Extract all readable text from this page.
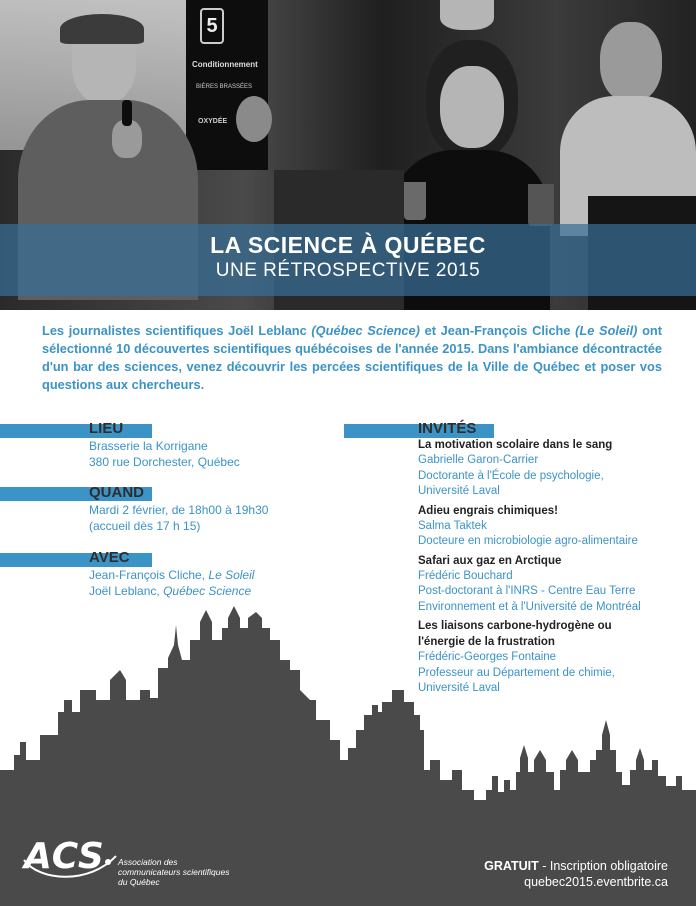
5
Conditionnement
BIÈRES BRASSÉES
OXYDÉE
LA SCIENCE À QUÉBEC
UNE RÉTROSPECTIVE 2015
Les journalistes scientifiques Joël Leblanc (Québec Science) et Jean-François Cliche (Le Soleil) ont sélectionné 10 découvertes scientifiques québécoises de l'année 2015. Dans l'ambiance décontractée d'un bar des sciences, venez découvrir les percées scientifiques de la Ville de Québec et poser vos questions aux chercheurs.
LIEU
Brasserie la Korrigane
380 rue Dorchester, Québec
QUAND
Mardi 2 février, de 18h00 à 19h30
(accueil dès 17 h 15)
AVEC
Jean-François Cliche, Le Soleil
Joël Leblanc, Québec Science
INVITÉS
La motivation scolaire dans le sang
Gabrielle Garon-Carrier
Doctorante à l'École de psychologie,
Université Laval
Adieu engrais chimiques!
Salma Taktek
Docteure en microbiologie agro-alimentaire
Safari aux gaz en Arctique
Frédéric Bouchard
Post-doctorant à l'INRS - Centre Eau Terre
Environnement et à l'Université de Montréal
Les liaisons carbone-hydrogène ou l'énergie de la frustration
Frédéric-Georges Fontaine
Professeur au Département de chimie,
Université Laval
ACS Association des
communicateurs scientifiques
du Québec
GRATUIT - Inscription obligatoire
quebec2015.eventbrite.ca
